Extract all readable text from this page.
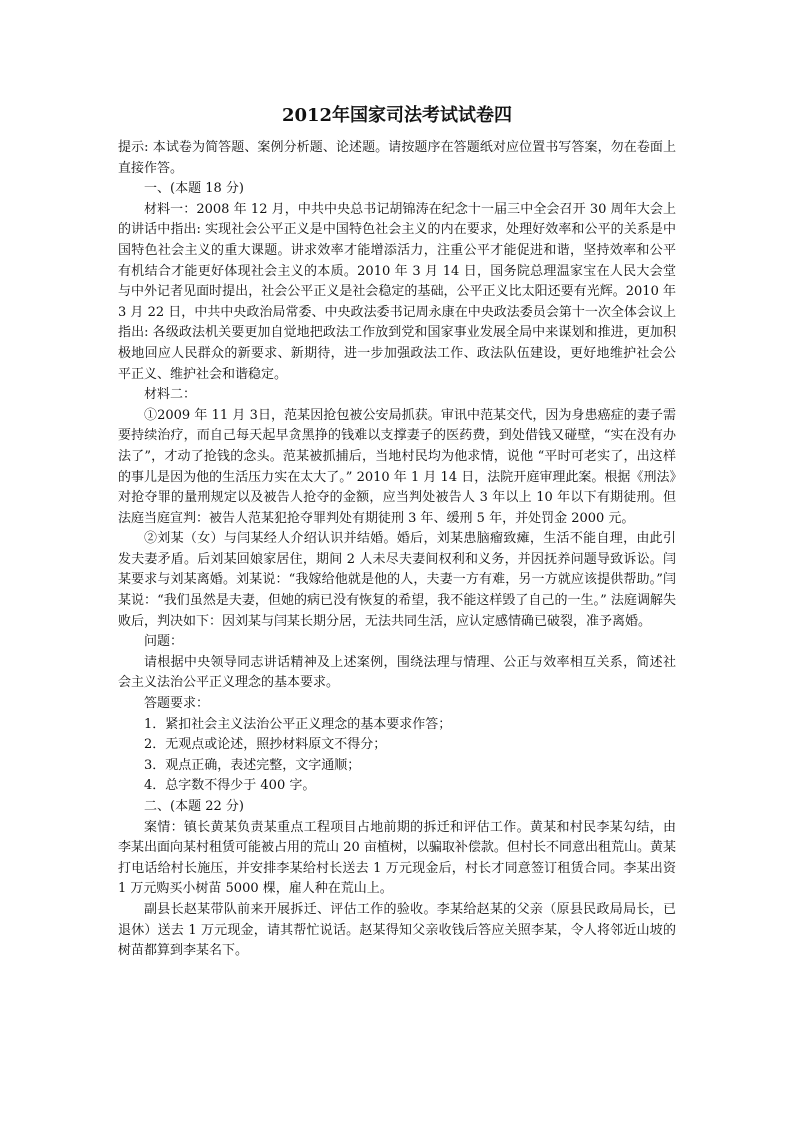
2012年国家司法考试试卷四

提示: 本试卷为简答题、案例分析题、论述题。请按题序在答题纸对应位置书写答案，勿在卷面上直接作答。

一、(本题 18 分)

材料一：2008 年 12 月，中共中央总书记胡锦涛在纪念十一届三中全会召开 30 周年大会上的讲话中指出: 实现社会公平正义是中国特色社会主义的内在要求，处理好效率和公平的关系是中国特色社会主义的重大课题。讲求效率才能增添活力，注重公平才能促进和谐，坚持效率和公平有机结合才能更好体现社会主义的本质。2010 年 3 月 14 日，国务院总理温家宝在人民大会堂与中外记者见面时提出，社会公平正义是社会稳定的基础，公平正义比太阳还要有光辉。2010 年 3 月 22 日，中共中央政治局常委、中央政法委书记周永康在中央政法委员会第十一次全体会议上指出: 各级政法机关要更加自觉地把政法工作放到党和国家事业发展全局中来谋划和推进，更加积极地回应人民群众的新要求、新期待，进一步加强政法工作、政法队伍建设，更好地维护社会公平正义、维护社会和谐稳定。

材料二：

①2009 年 11 月 3日，范某因抢包被公安局抓获。审讯中范某交代，因为身患癌症的妻子需要持续治疗，而自己每天起早贪黑挣的钱难以支撑妻子的医药费，到处借钱又碰壁，“实在没有办法了”，才动了抢钱的念头。范某被抓捕后，当地村民均为他求情，说他 “平时可老实了，出这样的事儿是因为他的生活压力实在太大了。” 2010 年 1 月 14 日，法院开庭审理此案。根据《刑法》对抢夺罪的量刑规定以及被告人抢夺的金额，应当判处被告人 3 年以上 10 年以下有期徒刑。但法庭当庭宣判：被告人范某犯抢夺罪判处有期徒刑 3 年、缓刑 5 年，并处罚金 2000 元。

②刘某（女）与闫某经人介绍认识并结婚。婚后，刘某患脑瘤致瘫，生活不能自理，由此引发夫妻矛盾。后刘某回娘家居住，期间 2 人未尽夫妻间权利和义务，并因抚养问题导致诉讼。闫某要求与刘某离婚。刘某说：“我嫁给他就是他的人，夫妻一方有难，另一方就应该提供帮助。”闫某说：“我们虽然是夫妻，但她的病已没有恢复的希望，我不能这样毁了自己的一生。” 法庭调解失败后，判决如下：因刘某与闫某长期分居，无法共同生活，应认定感情确已破裂，准予离婚。

问题：

请根据中央领导同志讲话精神及上述案例，围绕法理与情理、公正与效率相互关系，简述社会主义法治公平正义理念的基本要求。

答题要求：

1．紧扣社会主义法治公平正义理念的基本要求作答；

2．无观点或论述，照抄材料原文不得分；

3．观点正确，表述完整，文字通顺；

4．总字数不得少于 400 字。

二、(本题 22 分)

案情：镇长黄某负责某重点工程项目占地前期的拆迁和评估工作。黄某和村民李某勾结，由李某出面向某村租赁可能被占用的荒山 20 亩植树，以骗取补偿款。但村长不同意出租荒山。黄某打电话给村长施压，并安排李某给村长送去 1 万元现金后，村长才同意签订租赁合同。李某出资 1 万元购买小树苗 5000 棵，雇人种在荒山上。

副县长赵某带队前来开展拆迁、评估工作的验收。李某给赵某的父亲（原县民政局局长，已退休）送去 1 万元现金，请其帮忙说话。赵某得知父亲收钱后答应关照李某，令人将邻近山坡的树苗都算到李某名下。
